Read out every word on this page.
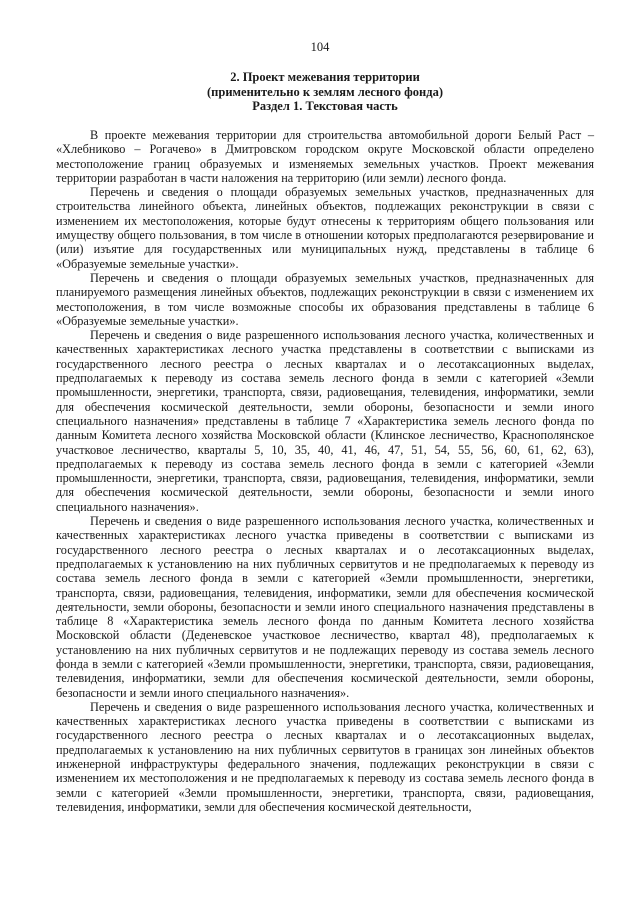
104
2. Проект межевания территории
(применительно к землям лесного фонда)
Раздел 1. Текстовая часть

В проекте межевания территории для строительства автомобильной дороги Белый Раст – «Хлебниково – Рогачево» в Дмитровском городском округе Московской области определено местоположение границ образуемых и изменяемых земельных участков. Проект межевания территории разработан в части наложения на территорию (или земли) лесного фонда.

Перечень и сведения о площади образуемых земельных участков, предназначенных для строительства линейного объекта, линейных объектов, подлежащих реконструкции в связи с изменением их местоположения, которые будут отнесены к территориям общего пользования или имуществу общего пользования, в том числе в отношении которых предполагаются резервирование и (или) изъятие для государственных или муниципальных нужд, представлены в таблице 6 «Образуемые земельные участки».

Перечень и сведения о площади образуемых земельных участков, предназначенных для планируемого размещения линейных объектов, подлежащих реконструкции в связи с изменением их местоположения, в том числе возможные способы их образования представлены в таблице 6 «Образуемые земельные участки».

Перечень и сведения о виде разрешенного использования лесного участка, количественных и качественных характеристиках лесного участка представлены в соответствии с выписками из государственного лесного реестра о лесных кварталах и о лесотаксационных выделах, предполагаемых к переводу из состава земель лесного фонда в земли с категорией «Земли промышленности, энергетики, транспорта, связи, радиовещания, телевидения, информатики, земли для обеспечения космической деятельности, земли обороны, безопасности и земли иного специального назначения» представлены в таблице 7 «Характеристика земель лесного фонда по данным Комитета лесного хозяйства Московской области (Клинское лесничество, Краснополянское участковое лесничество, кварталы 5, 10, 35, 40, 41, 46, 47, 51, 54, 55, 56, 60, 61, 62, 63), предполагаемых к переводу из состава земель лесного фонда в земли с категорией «Земли промышленности, энергетики, транспорта, связи, радиовещания, телевидения, информатики, земли для обеспечения космической деятельности, земли обороны, безопасности и земли иного специального назначения».

Перечень и сведения о виде разрешенного использования лесного участка, количественных и качественных характеристиках лесного участка приведены в соответствии с выписками из государственного лесного реестра о лесных кварталах и о лесотаксационных выделах, предполагаемых к установлению на них публичных сервитутов и не предполагаемых к переводу из состава земель лесного фонда в земли с категорией «Земли промышленности, энергетики, транспорта, связи, радиовещания, телевидения, информатики, земли для обеспечения космической деятельности, земли обороны, безопасности и земли иного специального назначения представлены в таблице 8 «Характеристика земель лесного фонда по данным Комитета лесного хозяйства Московской области (Деденевское участковое лесничество, квартал 48), предполагаемых к установлению на них публичных сервитутов и не подлежащих переводу из состава земель лесного фонда в земли с категорией «Земли промышленности, энергетики, транспорта, связи, радиовещания, телевидения, информатики, земли для обеспечения космической деятельности, земли обороны, безопасности и земли иного специального назначения».

Перечень и сведения о виде разрешенного использования лесного участка, количественных и качественных характеристиках лесного участка приведены в соответствии с выписками из государственного лесного реестра о лесных кварталах и о лесотаксационных выделах, предполагаемых к установлению на них публичных сервитутов в границах зон линейных объектов инженерной инфраструктуры федерального значения, подлежащих реконструкции в связи с изменением их местоположения и не предполагаемых к переводу из состава земель лесного фонда в земли с категорией «Земли промышленности, энергетики, транспорта, связи, радиовещания, телевидения, информатики, земли для обеспечения космической деятельности,
